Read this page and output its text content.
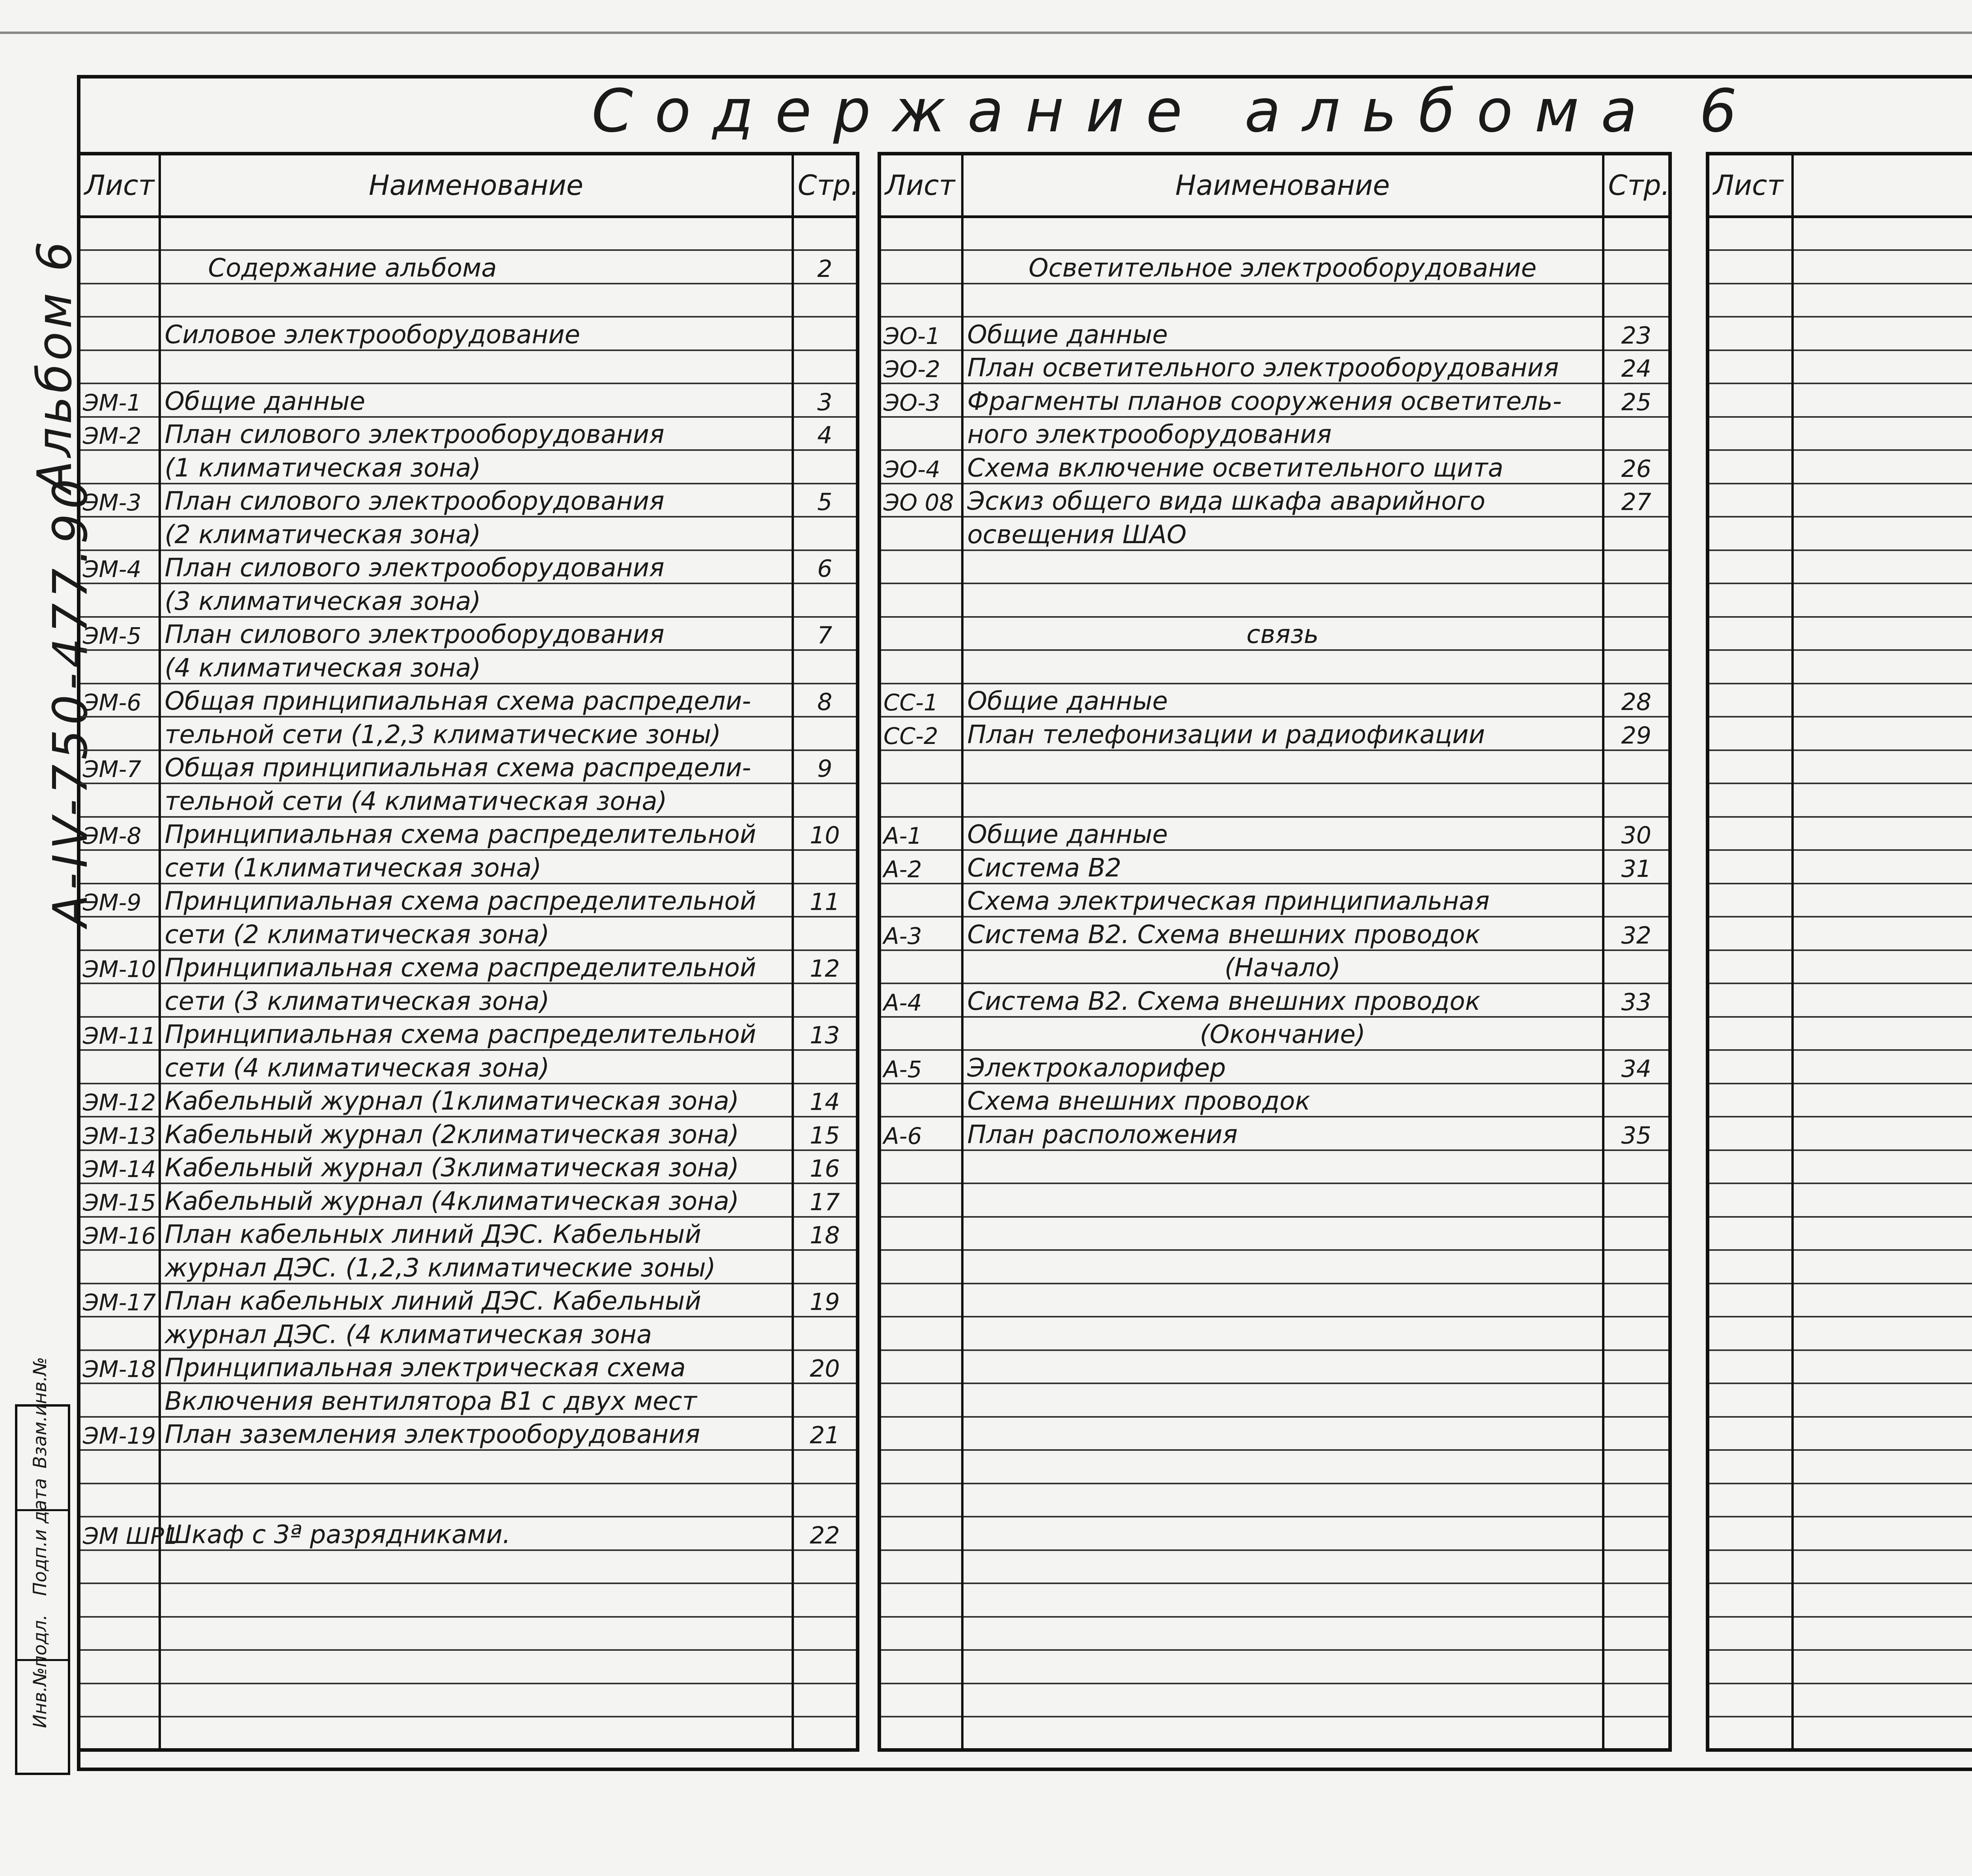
Содержание альбома 6
Альбом 6
А-IV-750-477.90
Взам.инв.№
Подп.и дата
Инв.№подл.
Лист	Наименование	Стр.

	Содержание альбома	2

	Силовое электрооборудование	

ЭМ-1	Общие данные	3
ЭМ-2	План силового электрооборудования	4
	(1 климатическая зона)	
ЭМ-3	План силового электрооборудования	5
	(2 климатическая зона)	
ЭМ-4	План силового электрооборудования	6
	(3 климатическая зона)	
ЭМ-5	План силового электрооборудования	7
	(4 климатическая зона)	
ЭМ-6	Общая принципиальная схема распредели-	8
	тельной сети (1,2,3 климатические зоны)	
ЭМ-7	Общая принципиальная схема распредели-	9
	тельной сети (4 климатическая зона)	
ЭМ-8	Принципиальная схема распределительной	10
	сети (1климатическая зона)	
ЭМ-9	Принципиальная схема распределительной	11
	сети (2 климатическая зона)	
ЭМ-10	Принципиальная схема распределительной	12
	сети (3 климатическая зона)	
ЭМ-11	Принципиальная схема распределительной	13
	сети (4 климатическая зона)	
ЭМ-12	Кабельный журнал (1климатическая зона)	14
ЭМ-13	Кабельный журнал (2климатическая зона)	15
ЭМ-14	Кабельный журнал (3климатическая зона)	16
ЭМ-15	Кабельный журнал (4климатическая зона)	17
ЭМ-16	План кабельных линий ДЭС. Кабельный	18
	журнал ДЭС. (1,2,3 климатические зоны)	
ЭМ-17	План кабельных линий ДЭС. Кабельный	19
	журнал ДЭС. (4 климатическая зона	
ЭМ-18	Принципиальная электрическая схема	20
	Включения вентилятора В1 с двух мест	
ЭМ-19	План заземления электрооборудования	21

ЭМ ШР1	Шкаф с 3ª разрядниками.	22

Лист	Наименование	Стр.

	Осветительное электрооборудование	

ЭО-1	Общие данные	23
ЭО-2	План осветительного электрооборудования	24
ЭО-3	Фрагменты планов сооружения осветитель-	25
	ного электрооборудования	
ЭО-4	Схема включение осветительного щита	26
ЭО 08	Эскиз общего вида шкафа аварийного	27
	освещения ШАО	

	связь	

СС-1	Общие данные	28
СС-2	План телефонизации и радиофикации	29

А-1	Общие данные	30
А-2	Система В2	31
	Схема электрическая принципиальная	
А-3	Система В2. Схема внешних проводок	32
	(Начало)	
А-4	Система В2. Схема внешних проводок	33
	(Окончание)	
А-5	Электрокалорифер	34
	Схема внешних проводок	
А-6	План расположения	35

Лист		
